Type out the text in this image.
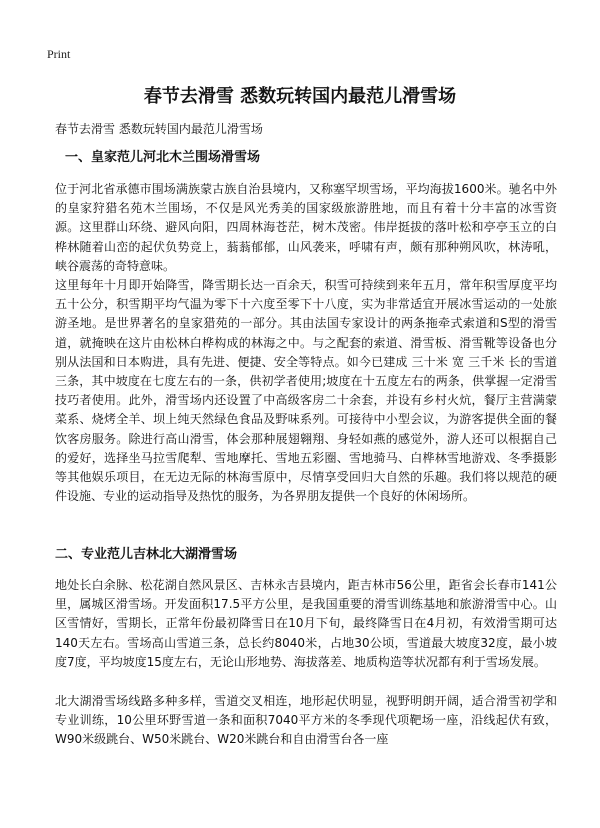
Print
春节去滑雪 悉数玩转国内最范儿滑雪场
春节去滑雪 悉数玩转国内最范儿滑雪场
一、皇家范儿河北木兰围场滑雪场

位于河北省承德市围场满族蒙古族自治县境内，又称塞罕坝雪场，平均海拔1600米。驰名中外的皇家狩猎名苑木兰围场，不仅是风光秀美的国家级旅游胜地，而且有着十分丰富的冰雪资源。这里群山环绕、避风向阳，四周林海苍茫，树木茂密。伟岸挺拔的落叶松和亭亭玉立的白桦林随着山峦的起伏负势竞上，蓊蓊郁郁，山风袭来，呼啸有声，颇有那种朔风吹，林涛吼，峡谷震荡的奇特意味。

这里每年十月即开始降雪，降雪期长达一百余天，积雪可持续到来年五月，常年积雪厚度平均 五十公分，积雪期平均气温为零下十六度至零下十八度，实为非常适宜开展冰雪运动的一处旅游圣地。是世界著名的皇家猎苑的一部分。其由法国专家设计的两条拖牵式索道和S型的滑雪道，就掩映在这片由松林白桦构成的林海之中。与之配套的索道、滑雪板、滑雪靴等设备也分别从法国和日本购进，具有先进、便捷、安全等特点。如今已建成 三十米 宽 三千米 长的雪道三条，其中坡度在七度左右的一条，供初学者使用;坡度在十五度左右的两条，供掌握一定滑雪技巧者使用。此外，滑雪场内还设置了中高级客房二十余套，并设有乡村火炕，餐厅主营满蒙菜系、烧烤全羊、坝上纯天然绿色食品及野味系列。可接待中小型会议，为游客提供全面的餐饮客房服务。除进行高山滑雪，体会那种展翅翱翔、身轻如燕的感觉外，游人还可以根据自己的爱好，选择坐马拉雪爬犁、雪地摩托、雪地五彩圈、雪地骑马、白桦林雪地游戏、冬季摄影等其他娱乐项目，在无边无际的林海雪原中，尽情享受回归大自然的乐趣。我们将以规范的硬件设施、专业的运动指导及热忱的服务，为各界朋友提供一个良好的休闲场所。

二、专业范儿吉林北大湖滑雪场

地处长白余脉、松花湖自然风景区、吉林永吉县境内，距吉林市56公里，距省会长春市141公里，属城区滑雪场。开发面积17.5平方公里，是我国重要的滑雪训练基地和旅游滑雪中心。山区雪情好，雪期长，正常年份最初降雪日在10月下旬，最终降雪日在4月初，有效滑雪期可达140天左右。雪场高山雪道三条，总长约8040米，占地30公顷，雪道最大坡度32度，最小坡度7度，平均坡度15度左右，无论山形地势、海拔落差、地质构造等状况都有利于雪场发展。

北大湖滑雪场线路多种多样，雪道交叉相连，地形起伏明显，视野明朗开阔，适合滑雪初学和专业训练，10公里环野雪道一条和面积7040平方米的冬季现代项靶场一座，沿线起伏有致，W90米级跳台、W50米跳台、W20米跳台和自由滑雪台各一座
